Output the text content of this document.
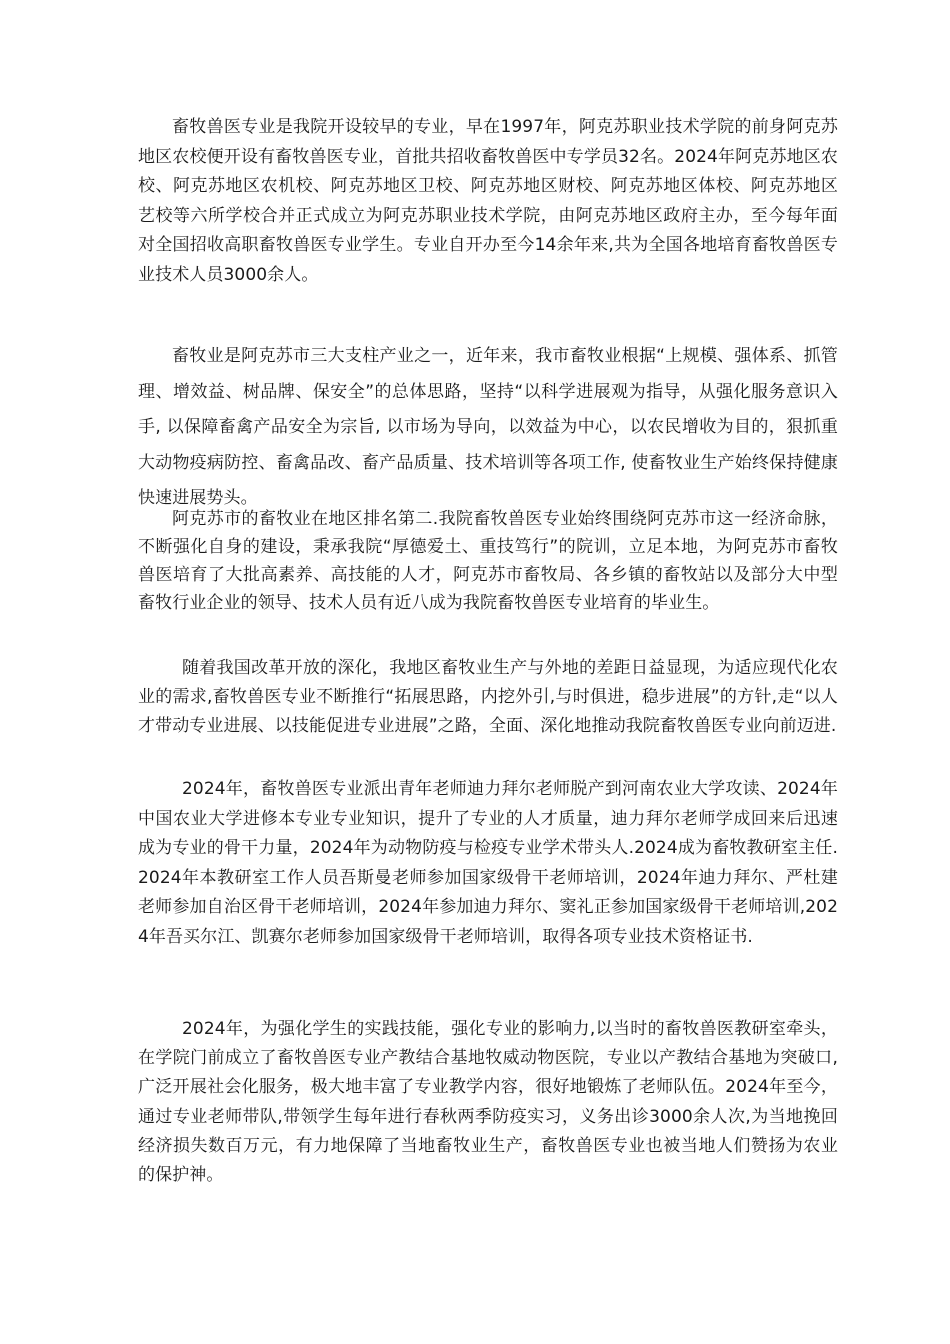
畜牧兽医专业是我院开设较早的专业，早在1997年，阿克苏职业技术学院的前身阿克苏地区农校便开设有畜牧兽医专业，首批共招收畜牧兽医中专学员32名。2024年阿克苏地区农校、阿克苏地区农机校、阿克苏地区卫校、阿克苏地区财校、阿克苏地区体校、阿克苏地区艺校等六所学校合并正式成立为阿克苏职业技术学院，由阿克苏地区政府主办，至今每年面对全国招收高职畜牧兽医专业学生。专业自开办至今14余年来,共为全国各地培育畜牧兽医专业技术人员3000余人。

畜牧业是阿克苏市三大支柱产业之一，近年来，我市畜牧业根据“上规模、强体系、抓管理、增效益、树品牌、保安全”的总体思路，坚持“以科学进展观为指导，从强化服务意识入手, 以保障畜禽产品安全为宗旨, 以市场为导向，以效益为中心，以农民增收为目的，狠抓重大动物疫病防控、畜禽品改、畜产品质量、技术培训等各项工作, 使畜牧业生产始终保持健康快速进展势头。

阿克苏市的畜牧业在地区排名第二.我院畜牧兽医专业始终围绕阿克苏市这一经济命脉，不断强化自身的建设，秉承我院“厚德爱土、重技笃行”的院训，立足本地，为阿克苏市畜牧兽医培育了大批高素养、高技能的人才，阿克苏市畜牧局、各乡镇的畜牧站以及部分大中型畜牧行业企业的领导、技术人员有近八成为我院畜牧兽医专业培育的毕业生。

随着我国改革开放的深化，我地区畜牧业生产与外地的差距日益显现，为适应现代化农业的需求,畜牧兽医专业不断推行“拓展思路，内挖外引,与时俱进，稳步进展”的方针,走“以人才带动专业进展、以技能促进专业进展”之路，全面、深化地推动我院畜牧兽医专业向前迈进.

2024年，畜牧兽医专业派出青年老师迪力拜尔老师脱产到河南农业大学攻读、2024年中国农业大学进修本专业专业知识，提升了专业的人才质量，迪力拜尔老师学成回来后迅速成为专业的骨干力量，2024年为动物防疫与检疫专业学术带头人.2024成为畜牧教研室主任.2024年本教研室工作人员吾斯曼老师参加国家级骨干老师培训，2024年迪力拜尔、严杜建老师参加自治区骨干老师培训，2024年参加迪力拜尔、窦礼正参加国家级骨干老师培训,2024年吾买尔江、凯赛尔老师参加国家级骨干老师培训，取得各项专业技术资格证书.

2024年，为强化学生的实践技能，强化专业的影响力,以当时的畜牧兽医教研室牵头，在学院门前成立了畜牧兽医专业产教结合基地牧威动物医院，专业以产教结合基地为突破口,广泛开展社会化服务，极大地丰富了专业教学内容，很好地锻炼了老师队伍。2024年至今，通过专业老师带队,带领学生每年进行春秋两季防疫实习，义务出诊3000余人次,为当地挽回经济损失数百万元，有力地保障了当地畜牧业生产，畜牧兽医专业也被当地人们赞扬为农业的保护神。
